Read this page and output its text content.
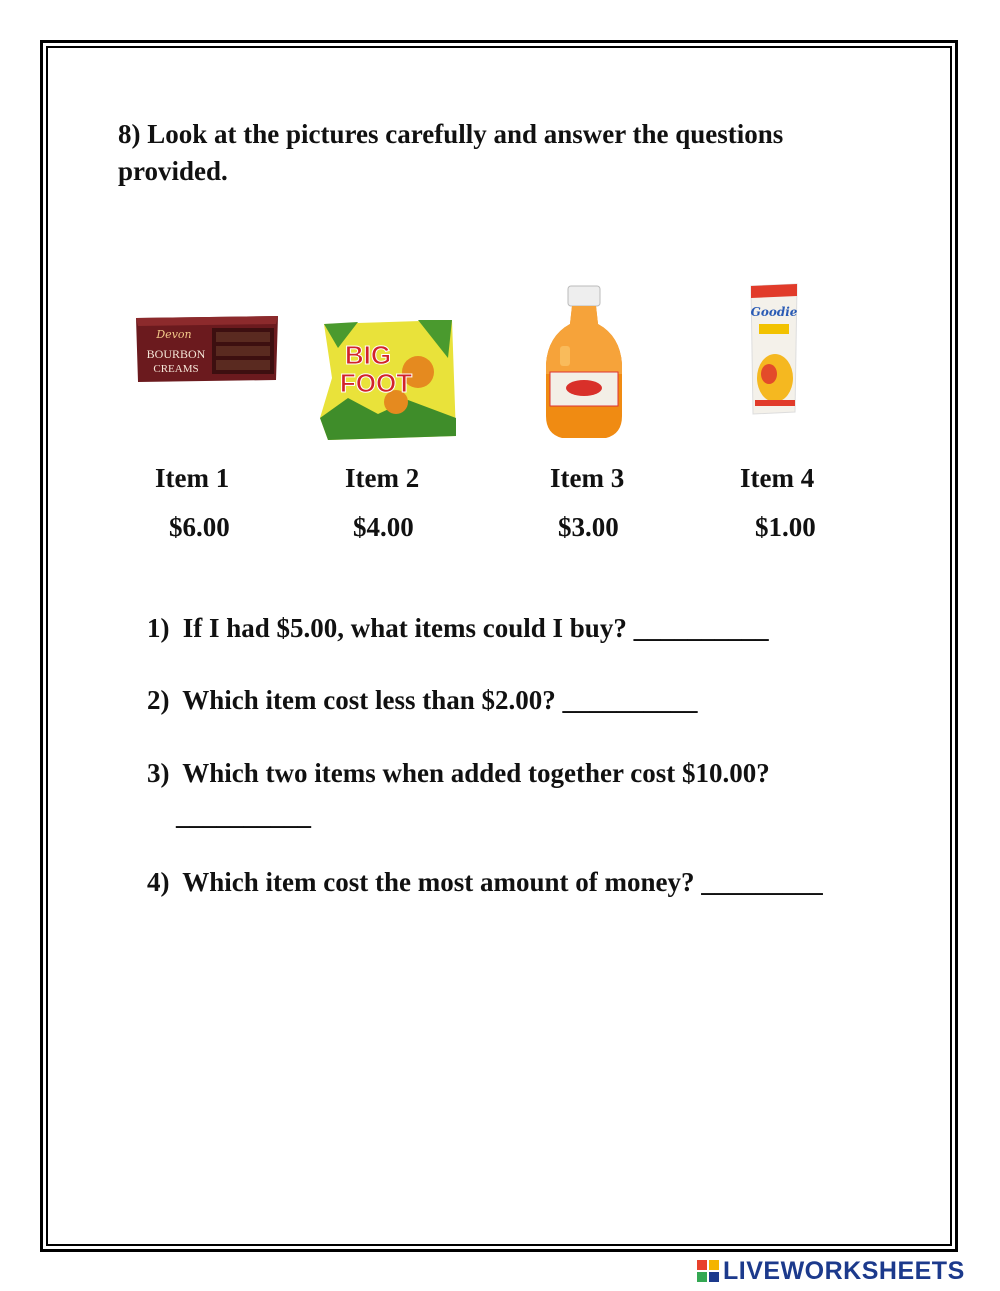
8) Look at the pictures carefully and answer the questions provided.
Devon
BOURBON
CREAMS	BIG
FOOT
Goodie
Item 1
$6.00
Item 2
$4.00
Item 3
$3.00
Item 4
$1.00
1) If I had $5.00, what items could I buy? __________
2) Which item cost less than $2.00? __________
3) Which two items when added together cost $10.00?
__________
4) Which item cost the most amount of money? _________
LIVEWORKSHEETS
